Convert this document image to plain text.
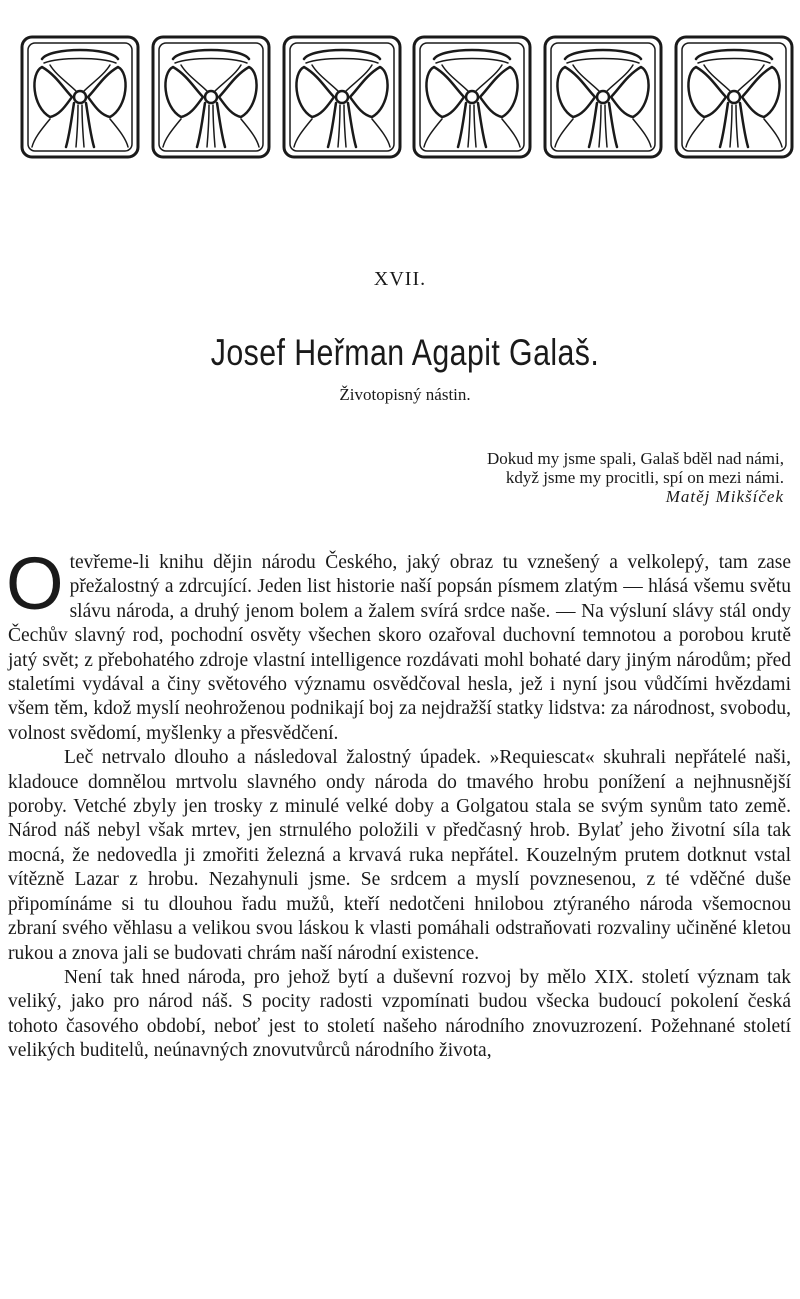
XVII.
Josef Heřman Agapit Galaš.
Životopisný nástin.
Dokud my jsme spali, Galaš bděl nad námi,
když jsme my procitli, spí on mezi námi.
Matěj Mikšíček

Otevřeme-li knihu dějin národu Českého, jaký obraz tu vznešený a velkolepý, tam zase přežalostný a zdrcující. Jeden list historie naší popsán písmem zlatým — hlásá všemu světu slávu národa, a druhý jenom bolem a žalem svírá srdce naše. — Na výsluní slávy stál ondy Čechův slavný rod, pochodní osvěty všechen skoro ozařoval duchovní temnotou a porobou krutě jatý svět; z přebohatého zdroje vlastní intelligence rozdávati mohl bohaté dary jiným národům; před staletími vydával a činy světového významu osvědčoval hesla, jež i nyní jsou vůdčími hvězdami všem těm, kdož myslí neohroženou podnikají boj za nejdražší statky lidstva: za národnost, svobodu, volnost svědomí, myšlenky a přesvědčení.

Leč netrvalo dlouho a následoval žalostný úpadek. »Requiescat« skuhrali nepřátelé naši, kladouce domnělou mrtvolu slavného ondy národa do tmavého hrobu ponížení a nejhnusnější poroby. Vetché zbyly jen trosky z minulé velké doby a Golgatou stala se svým synům tato země. Národ náš nebyl však mrtev, jen strnulého položili v předčasný hrob. Bylať jeho životní síla tak mocná, že nedovedla ji zmořiti železná a krvavá ruka nepřátel. Kouzelným prutem dotknut vstal vítězně Lazar z hrobu. Nezahynuli jsme. Se srdcem a myslí povznesenou, z té vděčné duše připomínáme si tu dlouhou řadu mužů, kteří nedotčeni hnilobou ztýraného národa všemocnou zbraní svého věhlasu a velikou svou láskou k vlasti pomáhali odstraňovati rozvaliny učiněné kletou rukou a znova jali se budovati chrám naší národní existence.

Není tak hned národa, pro jehož bytí a duševní rozvoj by mělo XIX. století význam tak veliký, jako pro národ náš. S pocity radosti vzpomínati budou všecka budoucí pokolení česká tohoto časového období, neboť jest to století našeho národního znovuzrození. Požehnané století velikých buditelů, neúnavných znovutvůrců národního života,
